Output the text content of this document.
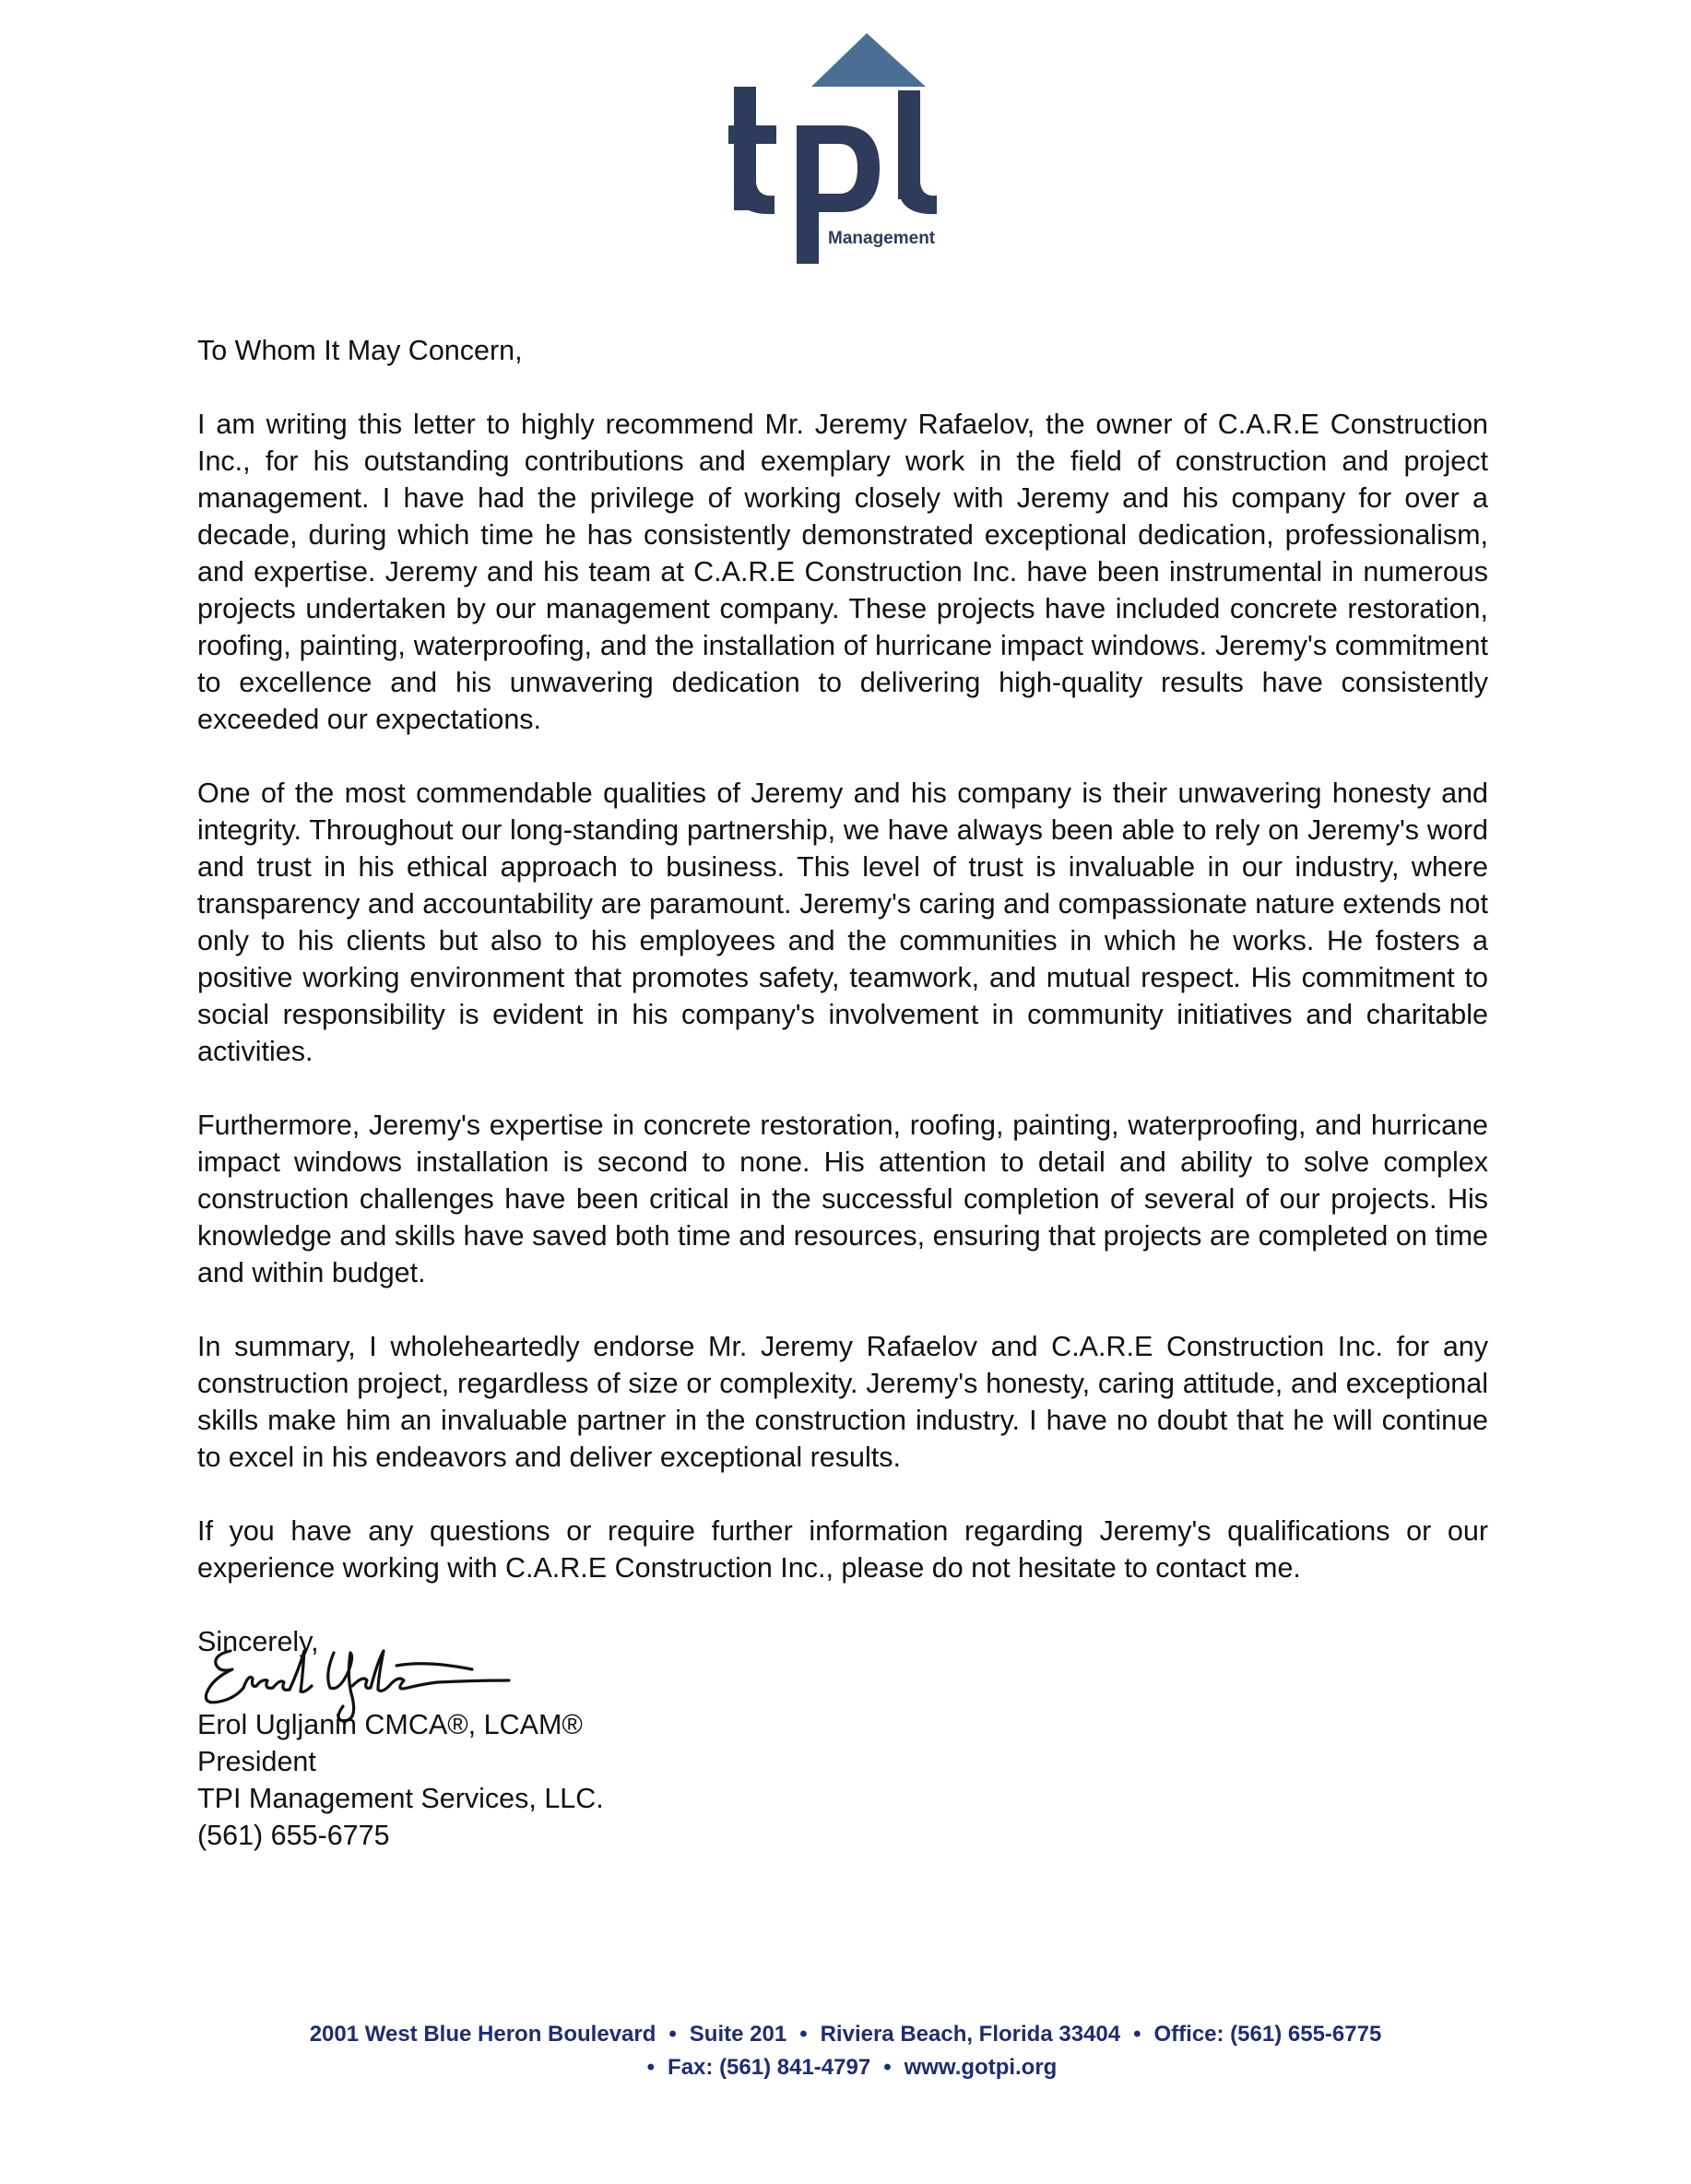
Management

To Whom It May Concern,

I am writing this letter to highly recommend Mr. Jeremy Rafaelov, the owner of C.A.R.E Construction Inc., for his outstanding contributions and exemplary work in the field of construction and project management. I have had the privilege of working closely with Jeremy and his company for over a decade, during which time he has consistently demonstrated exceptional dedication, professionalism, and expertise. Jeremy and his team at C.A.R.E Construction Inc. have been instrumental in numerous projects undertaken by our management company. These projects have included concrete restoration, roofing, painting, waterproofing, and the installation of hurricane impact windows. Jeremy's commitment to excellence and his unwavering dedication to delivering high-quality results have consistently exceeded our expectations.

One of the most commendable qualities of Jeremy and his company is their unwavering honesty and integrity. Throughout our long-standing partnership, we have always been able to rely on Jeremy's word and trust in his ethical approach to business. This level of trust is invaluable in our industry, where transparency and accountability are paramount. Jeremy's caring and compassionate nature extends not only to his clients but also to his employees and the communities in which he works. He fosters a positive working environment that promotes safety, teamwork, and mutual respect. His commitment to social responsibility is evident in his company's involvement in community initiatives and charitable activities.

Furthermore, Jeremy's expertise in concrete restoration, roofing, painting, waterproofing, and hurricane impact windows installation is second to none. His attention to detail and ability to solve complex construction challenges have been critical in the successful completion of several of our projects. His knowledge and skills have saved both time and resources, ensuring that projects are completed on time and within budget.

In summary, I wholeheartedly endorse Mr. Jeremy Rafaelov and C.A.R.E Construction Inc. for any construction project, regardless of size or complexity. Jeremy's honesty, caring attitude, and exceptional skills make him an invaluable partner in the construction industry. I have no doubt that he will continue to excel in his endeavors and deliver exceptional results.

If you have any questions or require further information regarding Jeremy's qualifications or our experience working with C.A.R.E Construction Inc., please do not hesitate to contact me.

Sincerely,

Erol Ugljanin CMCA®, LCAM®
President
TPI Management Services, LLC.
(561) 655-6775
2001 West Blue Heron Boulevard • Suite 201 • Riviera Beach, Florida 33404 • Office: (561) 655-6775
• Fax: (561) 841-4797 • www.gotpi.org
